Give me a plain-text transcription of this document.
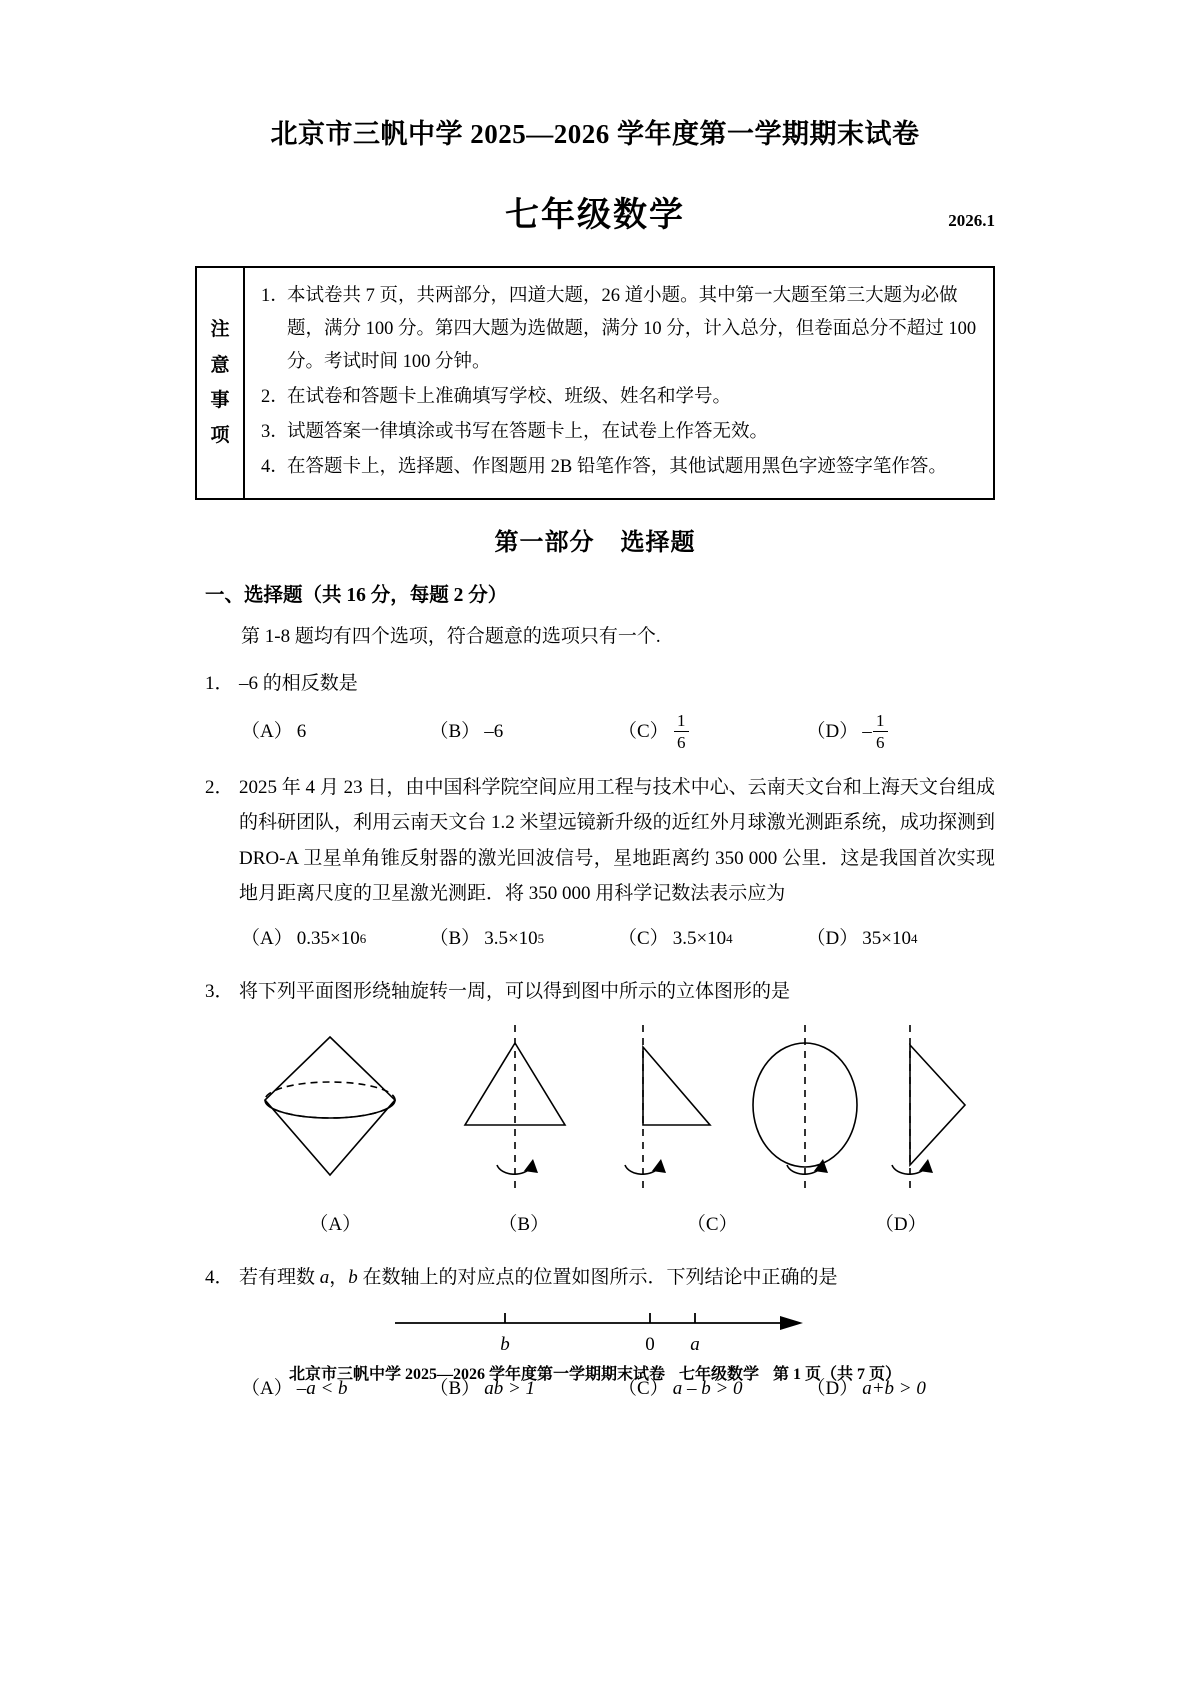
北京市三帆中学 2025—2026 学年度第一学期期末试卷
七年级数学	2026.1
注
意
事
项
1．
本试卷共 7 页，共两部分，四道大题，26 道小题。其中第一大题至第三大题为必做题，满分 100 分。第四大题为选做题，满分 10 分，计入总分，但卷面总分不超过 100 分。考试时间 100 分钟。
2．
在试卷和答题卡上准确填写学校、班级、姓名和学号。
3．
试题答案一律填涂或书写在答题卡上，在试卷上作答无效。
4．
在答题卡上，选择题、作图题用 2B 铅笔作答，其他试题用黑色字迹签字笔作答。
第一部分 选择题
一、选择题（共 16 分，每题 2 分）
第 1-8 题均有四个选项，符合题意的选项只有一个.
1． –6 的相反数是
（A） 6	（B） –6	$(C) \frac{1}{6}$	$(D) - \frac{1}{6}$
2． 2025 年 4 月 23 日，由中国科学院空间应用工程与技术中心、云南天文台和上海天文台组成的科研团队，利用云南天文台 1.2 米望远镜新升级的近红外月球激光测距系统，成功探测到 DRO-A 卫星单角锥反射器的激光回波信号，星地距离约 350 000 公里．这是我国首次实现地月距离尺度的卫星激光测距．将 350 000 用科学记数法表示应为
（A） 0.35×10 6	（B） 3.5×10 5	（C） 3.5×10 4	（D） 35×10 4
3． 将下列平面图形绕轴旋转一周，可以得到图中所示的立体图形的是
（A）	（B）	（C）	（D）
4． 若有理数 a，b 在数轴上的对应点的位置如图所示．下列结论中正确的是
b	0 a
（A） –a < b	（B） ab > 1	（C） a – b > 0	（D） a+b > 0
北京市三帆中学 2025—2026 学年度第一学期期末试卷 七年级数学 第 1 页（共 7 页）
